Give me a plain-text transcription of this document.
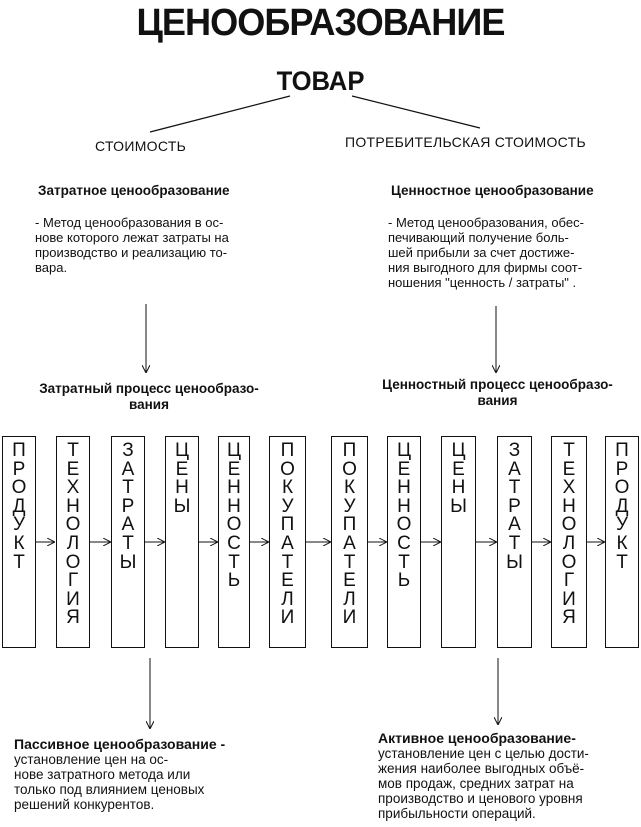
ЦЕНООБРАЗОВАНИЕ
ТОВАР
СТОИМОСТЬ
Затратное ценообразование
- Метод ценообразования в ос-
нове которого лежат затраты на
производство и реализацию то-
вара.
Затратный процесс ценообразо-
вания
ПОТРЕБИТЕЛЬСКАЯ СТОИМОСТЬ
Ценностное ценообразование
- Метод ценообразования, обес-
печивающий получение боль-
шей прибыли за счет достиже-
ния выгодного для фирмы соот-
ношения "ценность / затраты" .
Ценностный процесс ценообразо-
вания
ПРОДУКТ
ТЕХНОЛОГИЯ
ЗАТРАТЫ
ЦЕНЫ
ЦЕННОСТЬ
ПОКУПАТЕЛИ
ПОКУПАТЕЛИ
ЦЕННОСТЬ
ЦЕНЫ
ЗАТРАТЫ
ТЕХНОЛОГИЯ
ПРОДУКТ
Пассивное ценообразование -
установление цен на ос-
нове затратного метода или
только под влиянием ценовых
решений конкурентов.
Активное ценообразование-
установление цен с целью дости-
жения наиболее выгодных объё-
мов продаж, средних затрат на
производство и ценового уровня
прибыльности операций.
